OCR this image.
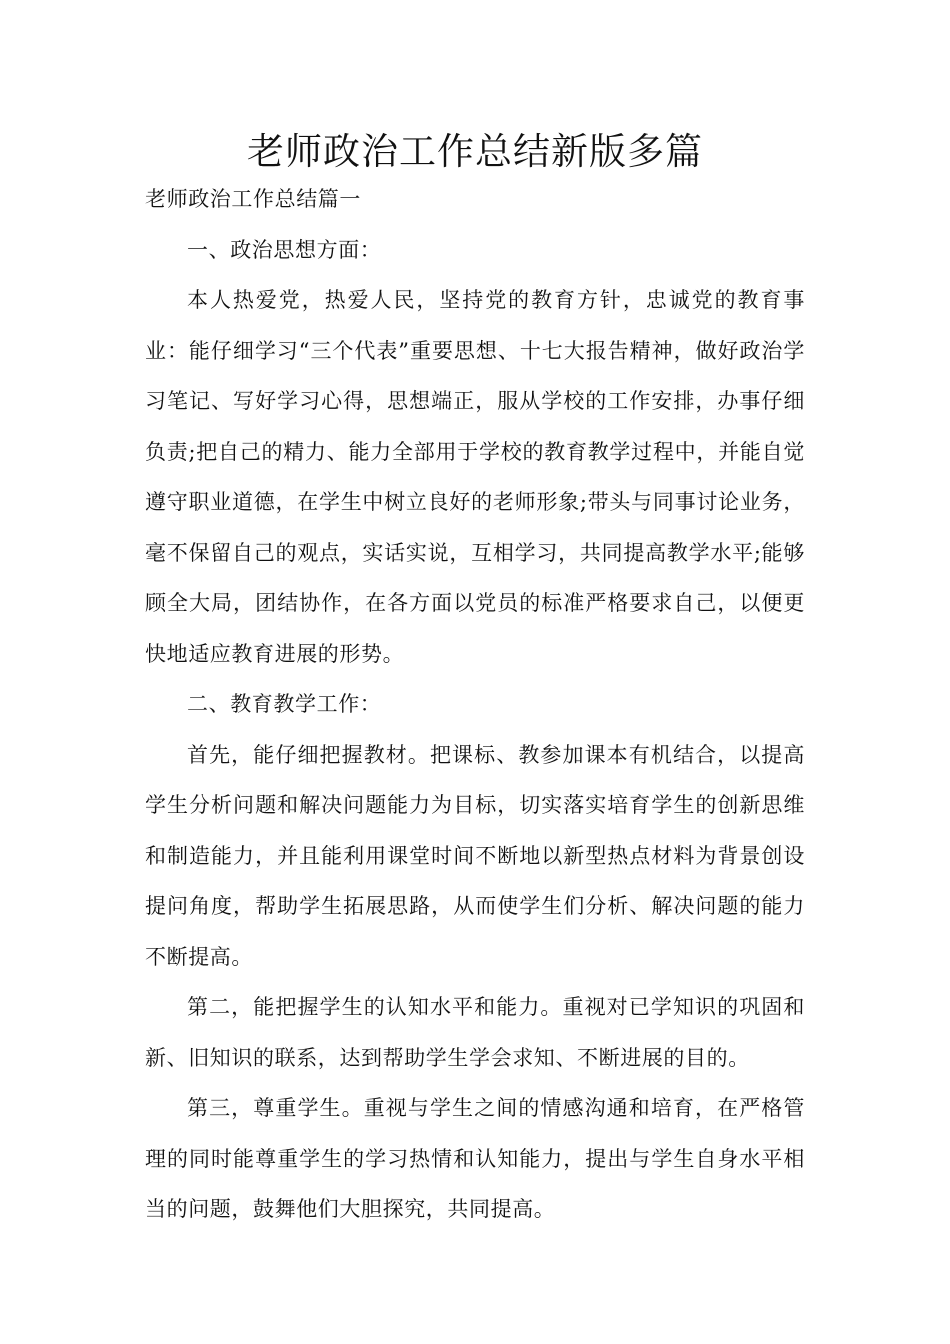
老师政治工作总结新版多篇

老师政治工作总结篇一

一、政治思想方面：

本人热爱党，热爱人民，坚持党的教育方针，忠诚党的教育事业：能仔细学习“三个代表”重要思想、十七大报告精神，做好政治学习笔记、写好学习心得，思想端正，服从学校的工作安排，办事仔细负责;把自己的精力、能力全部用于学校的教育教学过程中，并能自觉遵守职业道德，在学生中树立良好的老师形象;带头与同事讨论业务，毫不保留自己的观点，实话实说，互相学习，共同提高教学水平;能够顾全大局，团结协作，在各方面以党员的标准严格要求自己，以便更快地适应教育进展的形势。

二、教育教学工作：

首先，能仔细把握教材。把课标、教参加课本有机结合，以提高学生分析问题和解决问题能力为目标，切实落实培育学生的创新思维和制造能力，并且能利用课堂时间不断地以新型热点材料为背景创设提问角度，帮助学生拓展思路，从而使学生们分析、解决问题的能力不断提高。

第二，能把握学生的认知水平和能力。重视对已学知识的巩固和新、旧知识的联系，达到帮助学生学会求知、不断进展的目的。

第三，尊重学生。重视与学生之间的情感沟通和培育，在严格管理的同时能尊重学生的学习热情和认知能力，提出与学生自身水平相当的问题，鼓舞他们大胆探究，共同提高。
